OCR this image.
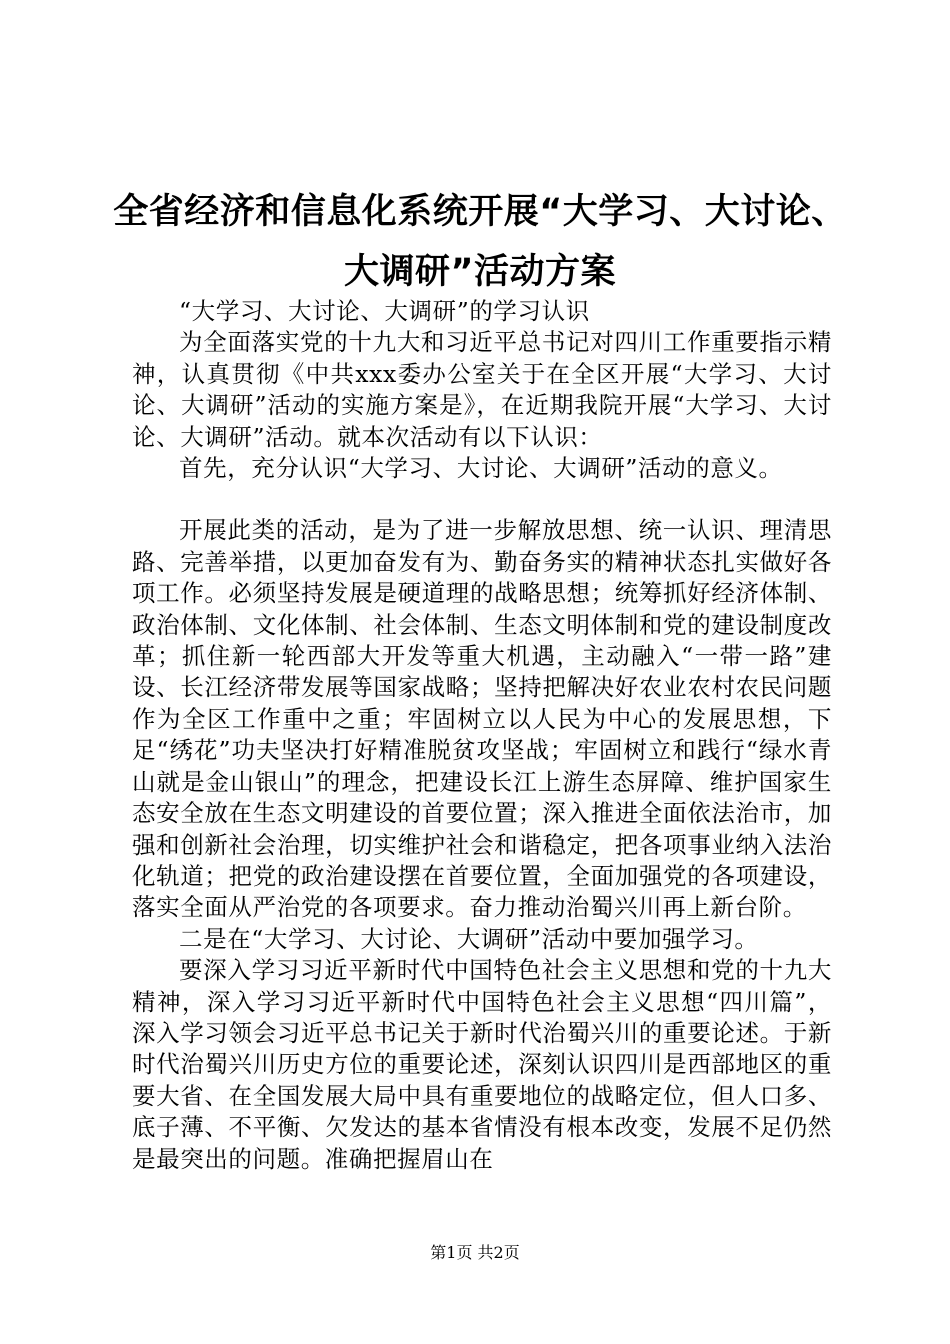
全省经济和信息化系统开展“大学习、大讨论、大调研”活动方案

“大学习、大讨论、大调研”的学习认识

为全面落实党的十九大和习近平总书记对四川工作重要指示精神，认真贯彻《中共xxx委办公室关于在全区开展“大学习、大讨论、大调研”活动的实施方案是》，在近期我院开展“大学习、大讨论、大调研”活动。就本次活动有以下认识：

首先，充分认识“大学习、大讨论、大调研”活动的意义。

开展此类的活动，是为了进一步解放思想、统一认识、理清思路、完善举措，以更加奋发有为、勤奋务实的精神状态扎实做好各项工作。必须坚持发展是硬道理的战略思想；统筹抓好经济体制、政治体制、文化体制、社会体制、生态文明体制和党的建设制度改革；抓住新一轮西部大开发等重大机遇，主动融入“一带一路”建设、长江经济带发展等国家战略；坚持把解决好农业农村农民问题作为全区工作重中之重；牢固树立以人民为中心的发展思想，下足“绣花”功夫坚决打好精准脱贫攻坚战；牢固树立和践行“绿水青山就是金山银山”的理念，把建设长江上游生态屏障、维护国家生态安全放在生态文明建设的首要位置；深入推进全面依法治市，加强和创新社会治理，切实维护社会和谐稳定，把各项事业纳入法治化轨道；把党的政治建设摆在首要位置，全面加强党的各项建设，落实全面从严治党的各项要求。奋力推动治蜀兴川再上新台阶。

二是在“大学习、大讨论、大调研”活动中要加强学习。

要深入学习习近平新时代中国特色社会主义思想和党的十九大精神，深入学习习近平新时代中国特色社会主义思想“四川篇”，深入学习领会习近平总书记关于新时代治蜀兴川的重要论述。于新时代治蜀兴川历史方位的重要论述，深刻认识四川是西部地区的重要大省、在全国发展大局中具有重要地位的战略定位，但人口多、底子薄、不平衡、欠发达的基本省情没有根本改变，发展不足仍然是最突出的问题。准确把握眉山在

第1页 共2页
